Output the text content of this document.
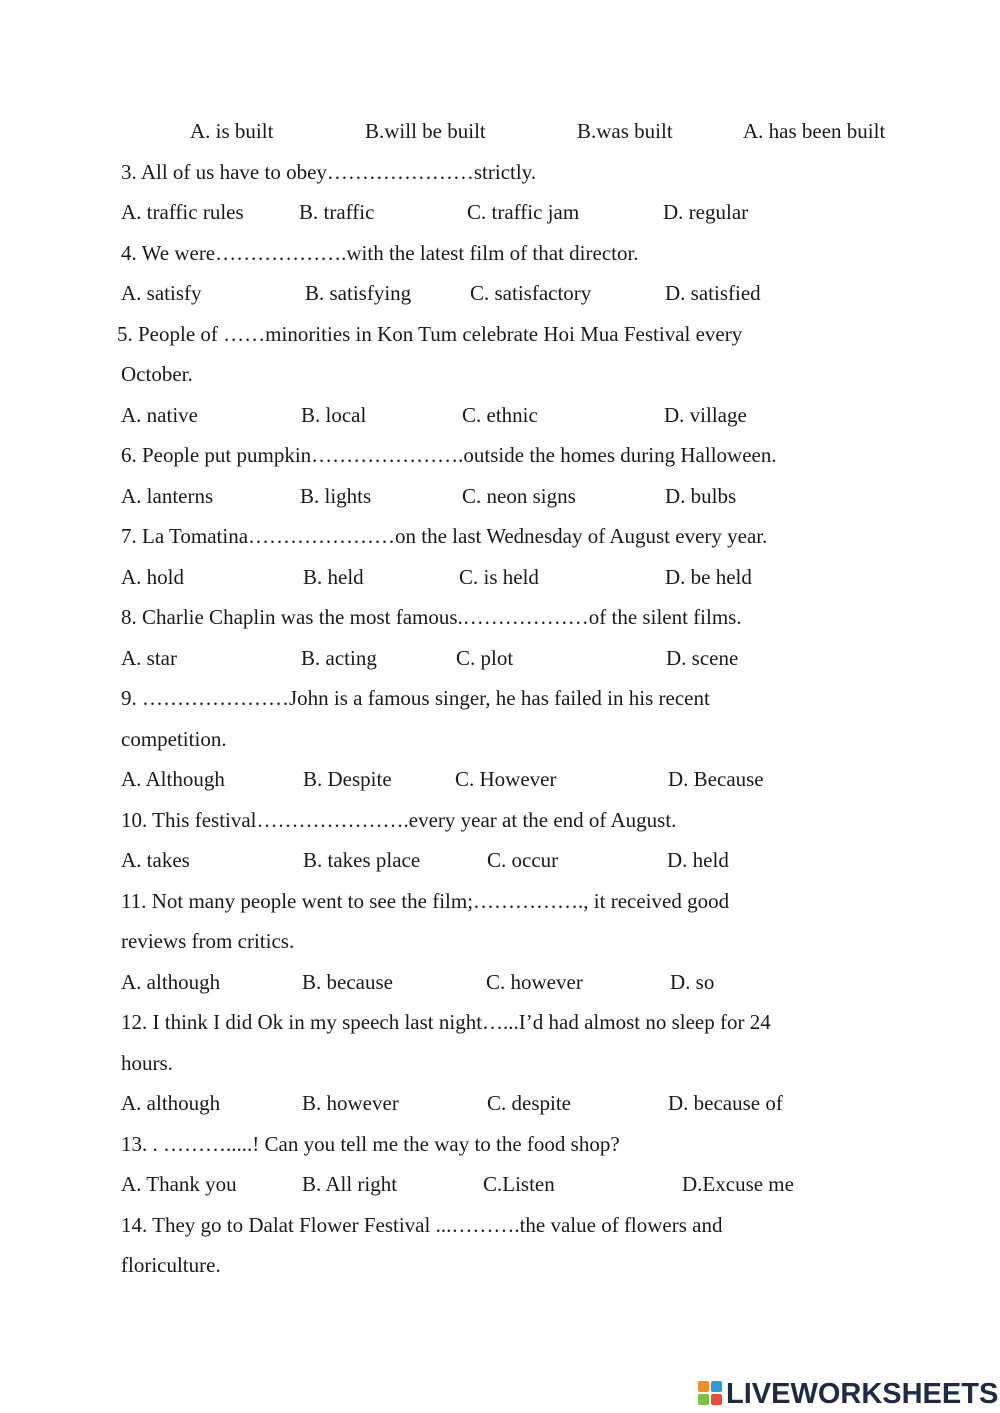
A. is built	B.will be built	B.was built	A. has been built
3. All of us have to obey…………………strictly.
A. traffic rules	B. traffic	C. traffic jam	D. regular
4. We were……………….with the latest film of that director.
A. satisfy	B. satisfying	C. satisfactory	D. satisfied
5. People of ……minorities in Kon Tum celebrate Hoi Mua Festival every
October.
A. native	B. local	C. ethnic	D. village
6. People put pumpkin………………….outside the homes during Halloween.
A. lanterns	B. lights	C. neon signs	D. bulbs
7. La Tomatina…………………on the last Wednesday of August every year.
A. hold	B. held	C. is held	D. be held
8. Charlie Chaplin was the most famous.………………of the silent films.
A. star	B. acting	C. plot	D. scene
9. …………………John is a famous singer, he has failed in his recent
competition.
A. Although	B. Despite	C. However	D. Because
10. This festival………………….every year at the end of August.
A. takes	B. takes place	C. occur	D. held
11. Not many people went to see the film;……………., it received good
reviews from critics.
A. although	B. because	C. however	D. so
12. I think I did Ok in my speech last night…...I’d had almost no sleep for 24
hours.
A. although	B. however	C. despite	D. because of
13. . ……….....! Can you tell me the way to the food shop?
A. Thank you	B. All right	C.Listen	D.Excuse me
14. They go to Dalat Flower Festival ...……….the value of flowers and
floriculture.
LIVEWORKSHEETS
